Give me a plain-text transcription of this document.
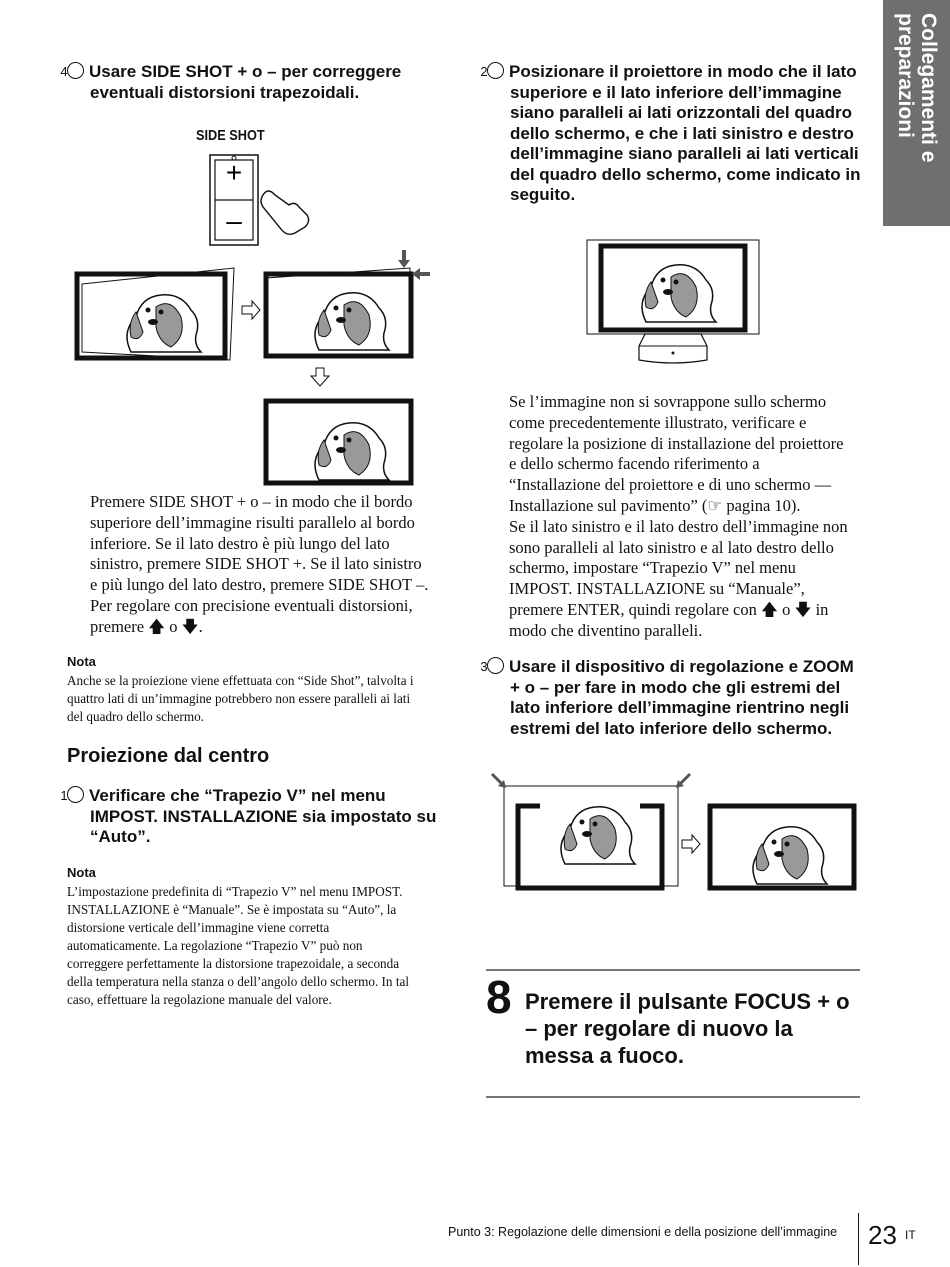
Collegamenti e
preparazioni
4 Usare SIDE SHOT + o – per correggere eventuali distorsioni trapezoidali.
SIDE SHOT
+
–
Premere SIDE SHOT + o – in modo che il bordo
superiore dell’immagine risulti parallelo al bordo
inferiore. Se il lato destro è più lungo del lato
sinistro, premere SIDE SHOT +. Se il lato sinistro
e più lungo del lato destro, premere SIDE SHOT –.
Per regolare con precisione eventuali distorsioni,
premere 🡅 o 🡇.
Nota
Anche se la proiezione viene effettuata con “Side Shot”, talvolta i
quattro lati di un’immagine potrebbero non essere paralleli ai lati
del quadro dello schermo.
Proiezione dal centro
1 Verificare che “Trapezio V” nel menu IMPOST. INSTALLAZIONE sia impostato su “Auto”.
Nota
L’impostazione predefinita di “Trapezio V” nel menu IMPOST.
INSTALLAZIONE è “Manuale”. Se è impostata su “Auto”, la
distorsione verticale dell’immagine viene corretta
automaticamente. La regolazione “Trapezio V” può non
correggere perfettamente la distorsione trapezoidale, a seconda
della temperatura nella stanza o dell’angolo dello schermo. In tal
caso, effettuare la regolazione manuale del valore.
2 Posizionare il proiettore in modo che il lato superiore e il lato inferiore dell’immagine siano paralleli ai lati orizzontali del quadro dello schermo, e che i lati sinistro e destro dell’immagine siano paralleli ai lati verticali del quadro dello schermo, come indicato in seguito.
Se l’immagine non si sovrappone sullo schermo
come precedentemente illustrato, verificare e
regolare la posizione di installazione del proiettore
e dello schermo facendo riferimento a
“Installazione del proiettore e di uno schermo —
Installazione sul pavimento” (☞ pagina 10).
Se il lato sinistro e il lato destro dell’immagine non
sono paralleli al lato sinistro e al lato destro dello
schermo, impostare “Trapezio V” nel menu
IMPOST. INSTALLAZIONE su “Manuale”,
premere ENTER, quindi regolare con 🡅 o 🡇 in
modo che diventino paralleli.
3 Usare il dispositivo di regolazione e ZOOM + o – per fare in modo che gli estremi del lato inferiore dell’immagine rientrino negli estremi del lato inferiore dello schermo.
8 Premere il pulsante FOCUS + o
– per regolare di nuovo la
messa a fuoco.
Punto 3: Regolazione delle dimensioni e della posizione dell’immagine 23 IT
